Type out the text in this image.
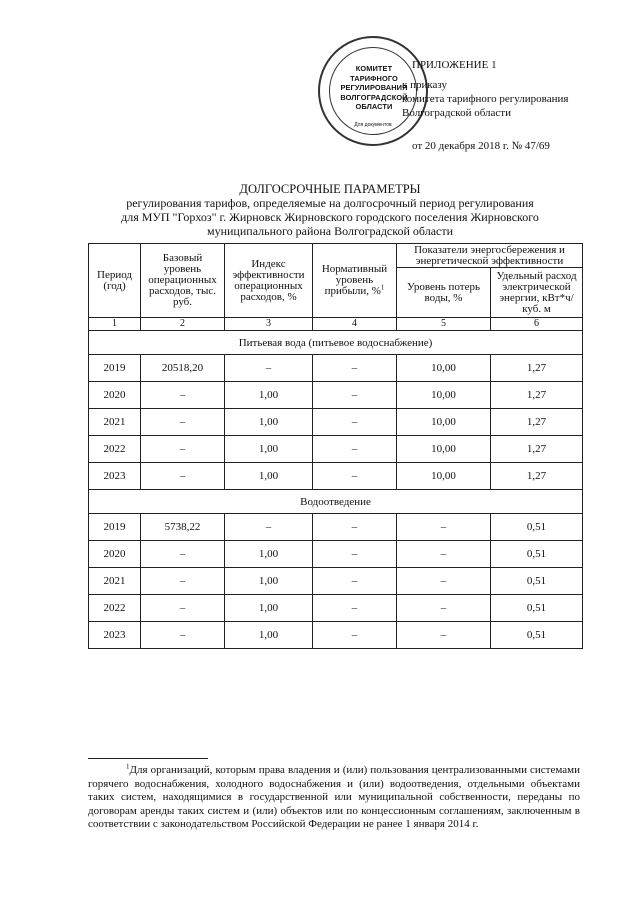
КОМИТЕТ
ТАРИФНОГО
РЕГУЛИРОВАНИЯ
ВОЛГОГРАДСКОЙ
ОБЛАСТИ
Для документов
ПРИЛОЖЕНИЕ 1
к приказу
комитета тарифного регулирования
Волгоградской области
от 20 декабря 2018 г. № 47/69
ДОЛГОСРОЧНЫЕ ПАРАМЕТРЫ
регулирования тарифов, определяемые на долгосрочный период регулирования
для МУП "Горхоз" г. Жирновск Жирновского городского поселения Жирновского
муниципального района Волгоградской области
Период (год)	Базовый уровень операционных расходов, тыс. руб.	Индекс эффективности операционных расходов, %	Нормативный уровень прибыли, %$^1$	Показатели энергосбережения и энергетической эффективности	
				Уровень потерь воды, %	Удельный расход электрической энергии, кВт*ч/куб. м
1	2	3	4	5	6
Питьевая вода (питьевое водоснабжение)					
2019	20518,20	–	–	10,00	1,27
2020	–	1,00	–	10,00	1,27
2021	–	1,00	–	10,00	1,27
2022	–	1,00	–	10,00	1,27
2023	–	1,00	–	10,00	1,27
Водоотведение					
2019	5738,22	–	–	–	0,51
2020	–	1,00	–	–	0,51
2021	–	1,00	–	–	0,51
2022	–	1,00	–	–	0,51
2023	–	1,00	–	–	0,51
$^1$Для организаций, которым права владения и (или) пользования централизованными системами горячего водоснабжения, холодного водоснабжения и (или) водоотведения, отдельными объектами таких систем, находящимися в государственной или муниципальной собственности, переданы по договорам аренды таких систем и (или) объектов или по концессионным соглашениям, заключенным в соответствии с законодательством Российской Федерации не ранее 1 января 2014 г.
